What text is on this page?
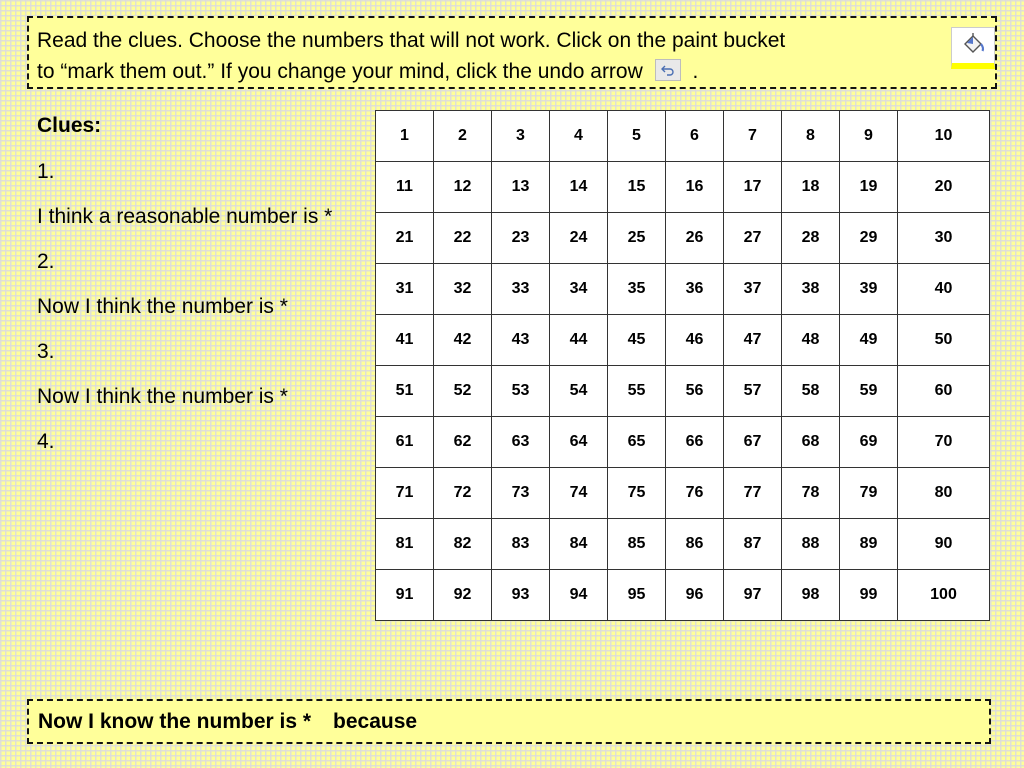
Read the clues. Choose the numbers that will not work. Click on the paint bucket
to “mark them out.” If you change your mind, click the undo arrow .

Clues:

1.

I think a reasonable number is *

2.

Now I think the number is *

3.

Now I think the number is *

4.

1	2	3	4	5	6	7	8	9	10
11	12	13	14	15	16	17	18	19	20
21	22	23	24	25	26	27	28	29	30
31	32	33	34	35	36	37	38	39	40
41	42	43	44	45	46	47	48	49	50
51	52	53	54	55	56	57	58	59	60
61	62	63	64	65	66	67	68	69	70
71	72	73	74	75	76	77	78	79	80
81	82	83	84	85	86	87	88	89	90
91	92	93	94	95	96	97	98	99	100
Now I know the number is * because
